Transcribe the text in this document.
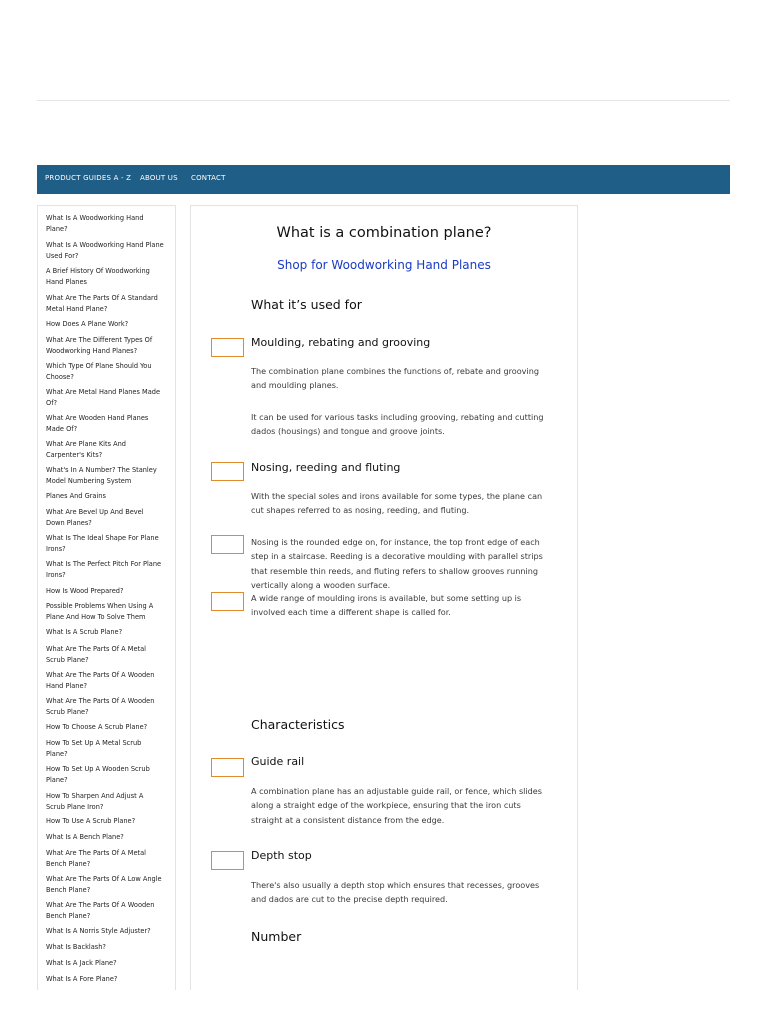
PRODUCT GUIDES A - Z ABOUT US CONTACT
What Is A Woodworking Hand Plane?
What Is A Woodworking Hand Plane Used For?
A Brief History Of Woodworking Hand Planes
What Are The Parts Of A Standard Metal Hand Plane?
How Does A Plane Work?
What Are The Different Types Of Woodworking Hand Planes?
Which Type Of Plane Should You Choose?
What Are Metal Hand Planes Made Of?
What Are Wooden Hand Planes Made Of?
What Are Plane Kits And Carpenter's Kits?
What's In A Number? The Stanley Model Numbering System
Planes And Grains
What Are Bevel Up And Bevel Down Planes?
What Is The Ideal Shape For Plane Irons?
What Is The Perfect Pitch For Plane Irons?
How Is Wood Prepared?
Possible Problems When Using A Plane And How To Solve Them
What Is A Scrub Plane?
What Are The Parts Of A Metal Scrub Plane?
What Are The Parts Of A Wooden Hand Plane?
What Are The Parts Of A Wooden Scrub Plane?
How To Choose A Scrub Plane?
How To Set Up A Metal Scrub Plane?
How To Set Up A Wooden Scrub Plane?
How To Sharpen And Adjust A Scrub Plane Iron?
How To Use A Scrub Plane?
What Is A Bench Plane?
What Are The Parts Of A Metal Bench Plane?
What Are The Parts Of A Low Angle Bench Plane?
What Are The Parts Of A Wooden Bench Plane?
What Is A Norris Style Adjuster?
What Is Backlash?
What Is A Jack Plane?
What Is A Fore Plane?
What is a combination plane?
Shop for Woodworking Hand Planes
What it’s used for
Moulding, rebating and grooving

The combination plane combines the functions of, rebate and grooving and moulding planes.

It can be used for various tasks including grooving, rebating and cutting dados (housings) and tongue and groove joints.

Nosing, reeding and fluting

With the special soles and irons available for some types, the plane can cut shapes referred to as nosing, reeding, and fluting.

Nosing is the rounded edge on, for instance, the top front edge of each step in a staircase. Reeding is a decorative moulding with parallel strips that resemble thin reeds, and fluting refers to shallow grooves running vertically along a wooden surface.

A wide range of moulding irons is available, but some setting up is involved each time a different shape is called for.

Characteristics
Guide rail

A combination plane has an adjustable guide rail, or fence, which slides along a straight edge of the workpiece, ensuring that the iron cuts straight at a consistent distance from the edge.

Depth stop

There's also usually a depth stop which ensures that recesses, grooves and dados are cut to the precise depth required.

Number
